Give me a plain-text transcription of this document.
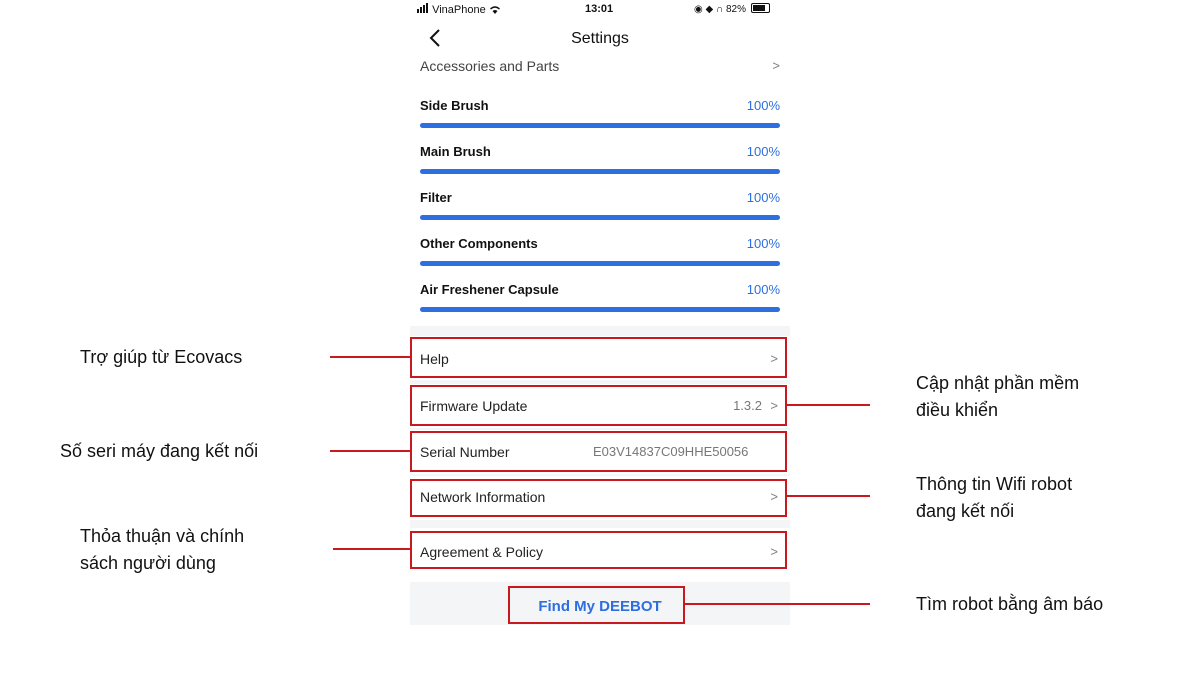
VinaPhone	13:01	◉ ◆ ∩ 82%
Settings
Accessories and Parts	>
Side Brush	100%
Main Brush	100%
Filter	100%
Other Components	100%
Air Freshener Capsule	100%
Help	>
Firmware Update	1.3.2 >
Serial Number	E03V14837C09HHE50056
Network Information	>
Agreement & Policy	>
Find My DEEBOT
Trợ giúp từ Ecovacs
Cập nhật phần mềm
điều khiển
Số seri máy đang kết nối
Thông tin Wifi robot
đang kết nối
Thỏa thuận và chính
sách người dùng
Tìm robot bằng âm báo
